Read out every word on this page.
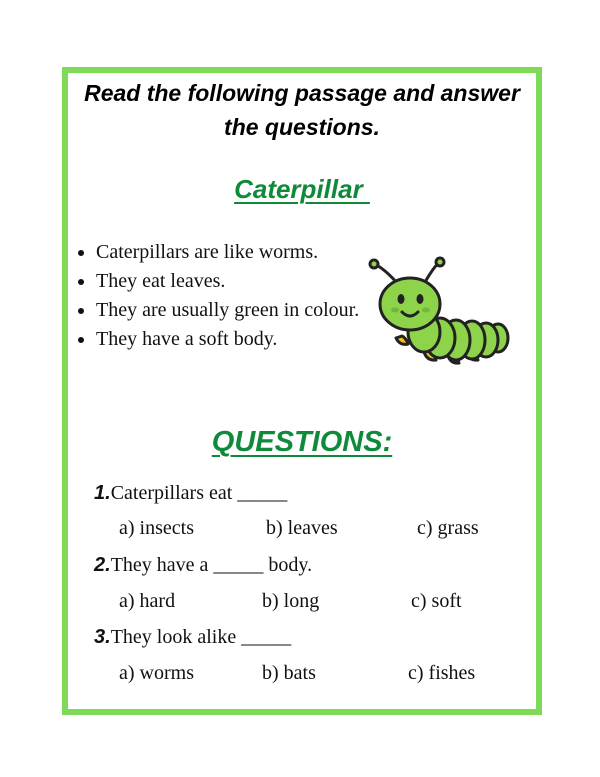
Read the following passage and answer
the questions.
Caterpillar
Caterpillars are like worms.
They eat leaves.
They are usually green in colour.
They have a soft body.
QUESTIONS:
1.Caterpillars eat _____
a) insects	b) leaves	c) grass
2.They have a _____ body.
a) hard	b) long	c) soft
3.They look alike _____
a) worms	b) bats	c) fishes
